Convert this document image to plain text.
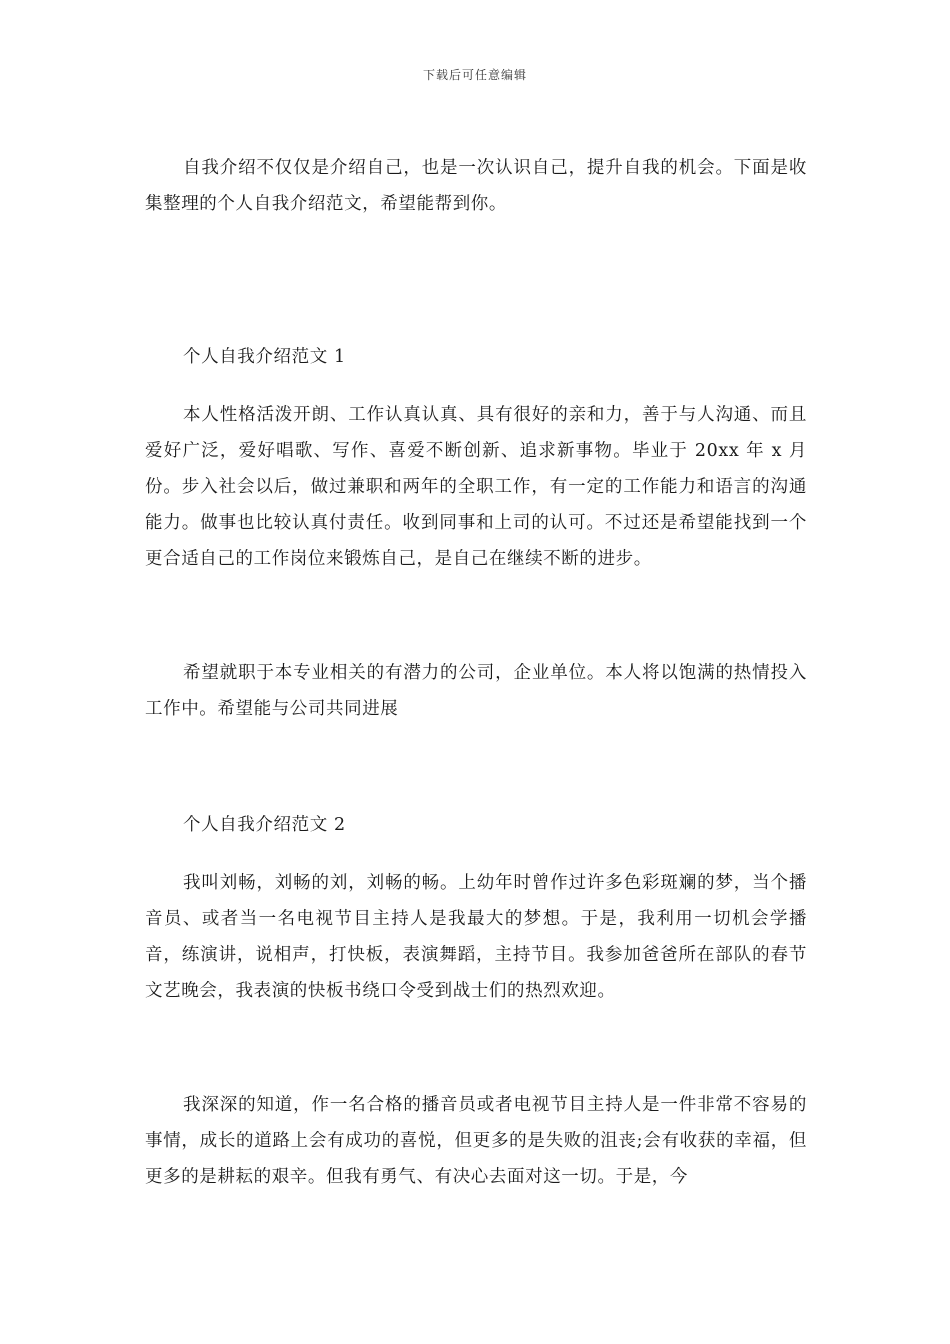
下载后可任意编辑

自我介绍不仅仅是介绍自己，也是一次认识自己，提升自我的机会。下面是收集整理的个人自我介绍范文，希望能帮到你。

个人自我介绍范文 1

本人性格活泼开朗、工作认真认真、具有很好的亲和力，善于与人沟通、而且爱好广泛，爱好唱歌、写作、喜爱不断创新、追求新事物。毕业于 20xx 年 x 月份。步入社会以后，做过兼职和两年的全职工作，有一定的工作能力和语言的沟通能力。做事也比较认真付责任。收到同事和上司的认可。不过还是希望能找到一个更合适自己的工作岗位来锻炼自己，是自己在继续不断的进步。

希望就职于本专业相关的有潜力的公司，企业单位。本人将以饱满的热情投入工作中。希望能与公司共同进展

个人自我介绍范文 2

我叫刘畅，刘畅的刘，刘畅的畅。上幼年时曾作过许多色彩斑斓的梦，当个播音员、或者当一名电视节目主持人是我最大的梦想。于是，我利用一切机会学播音，练演讲，说相声，打快板，表演舞蹈，主持节目。我参加爸爸所在部队的春节文艺晚会，我表演的快板书绕口令受到战士们的热烈欢迎。

我深深的知道，作一名合格的播音员或者电视节目主持人是一件非常不容易的事情，成长的道路上会有成功的喜悦，但更多的是失败的沮丧;会有收获的幸福，但更多的是耕耘的艰辛。但我有勇气、有决心去面对这一切。于是，今
